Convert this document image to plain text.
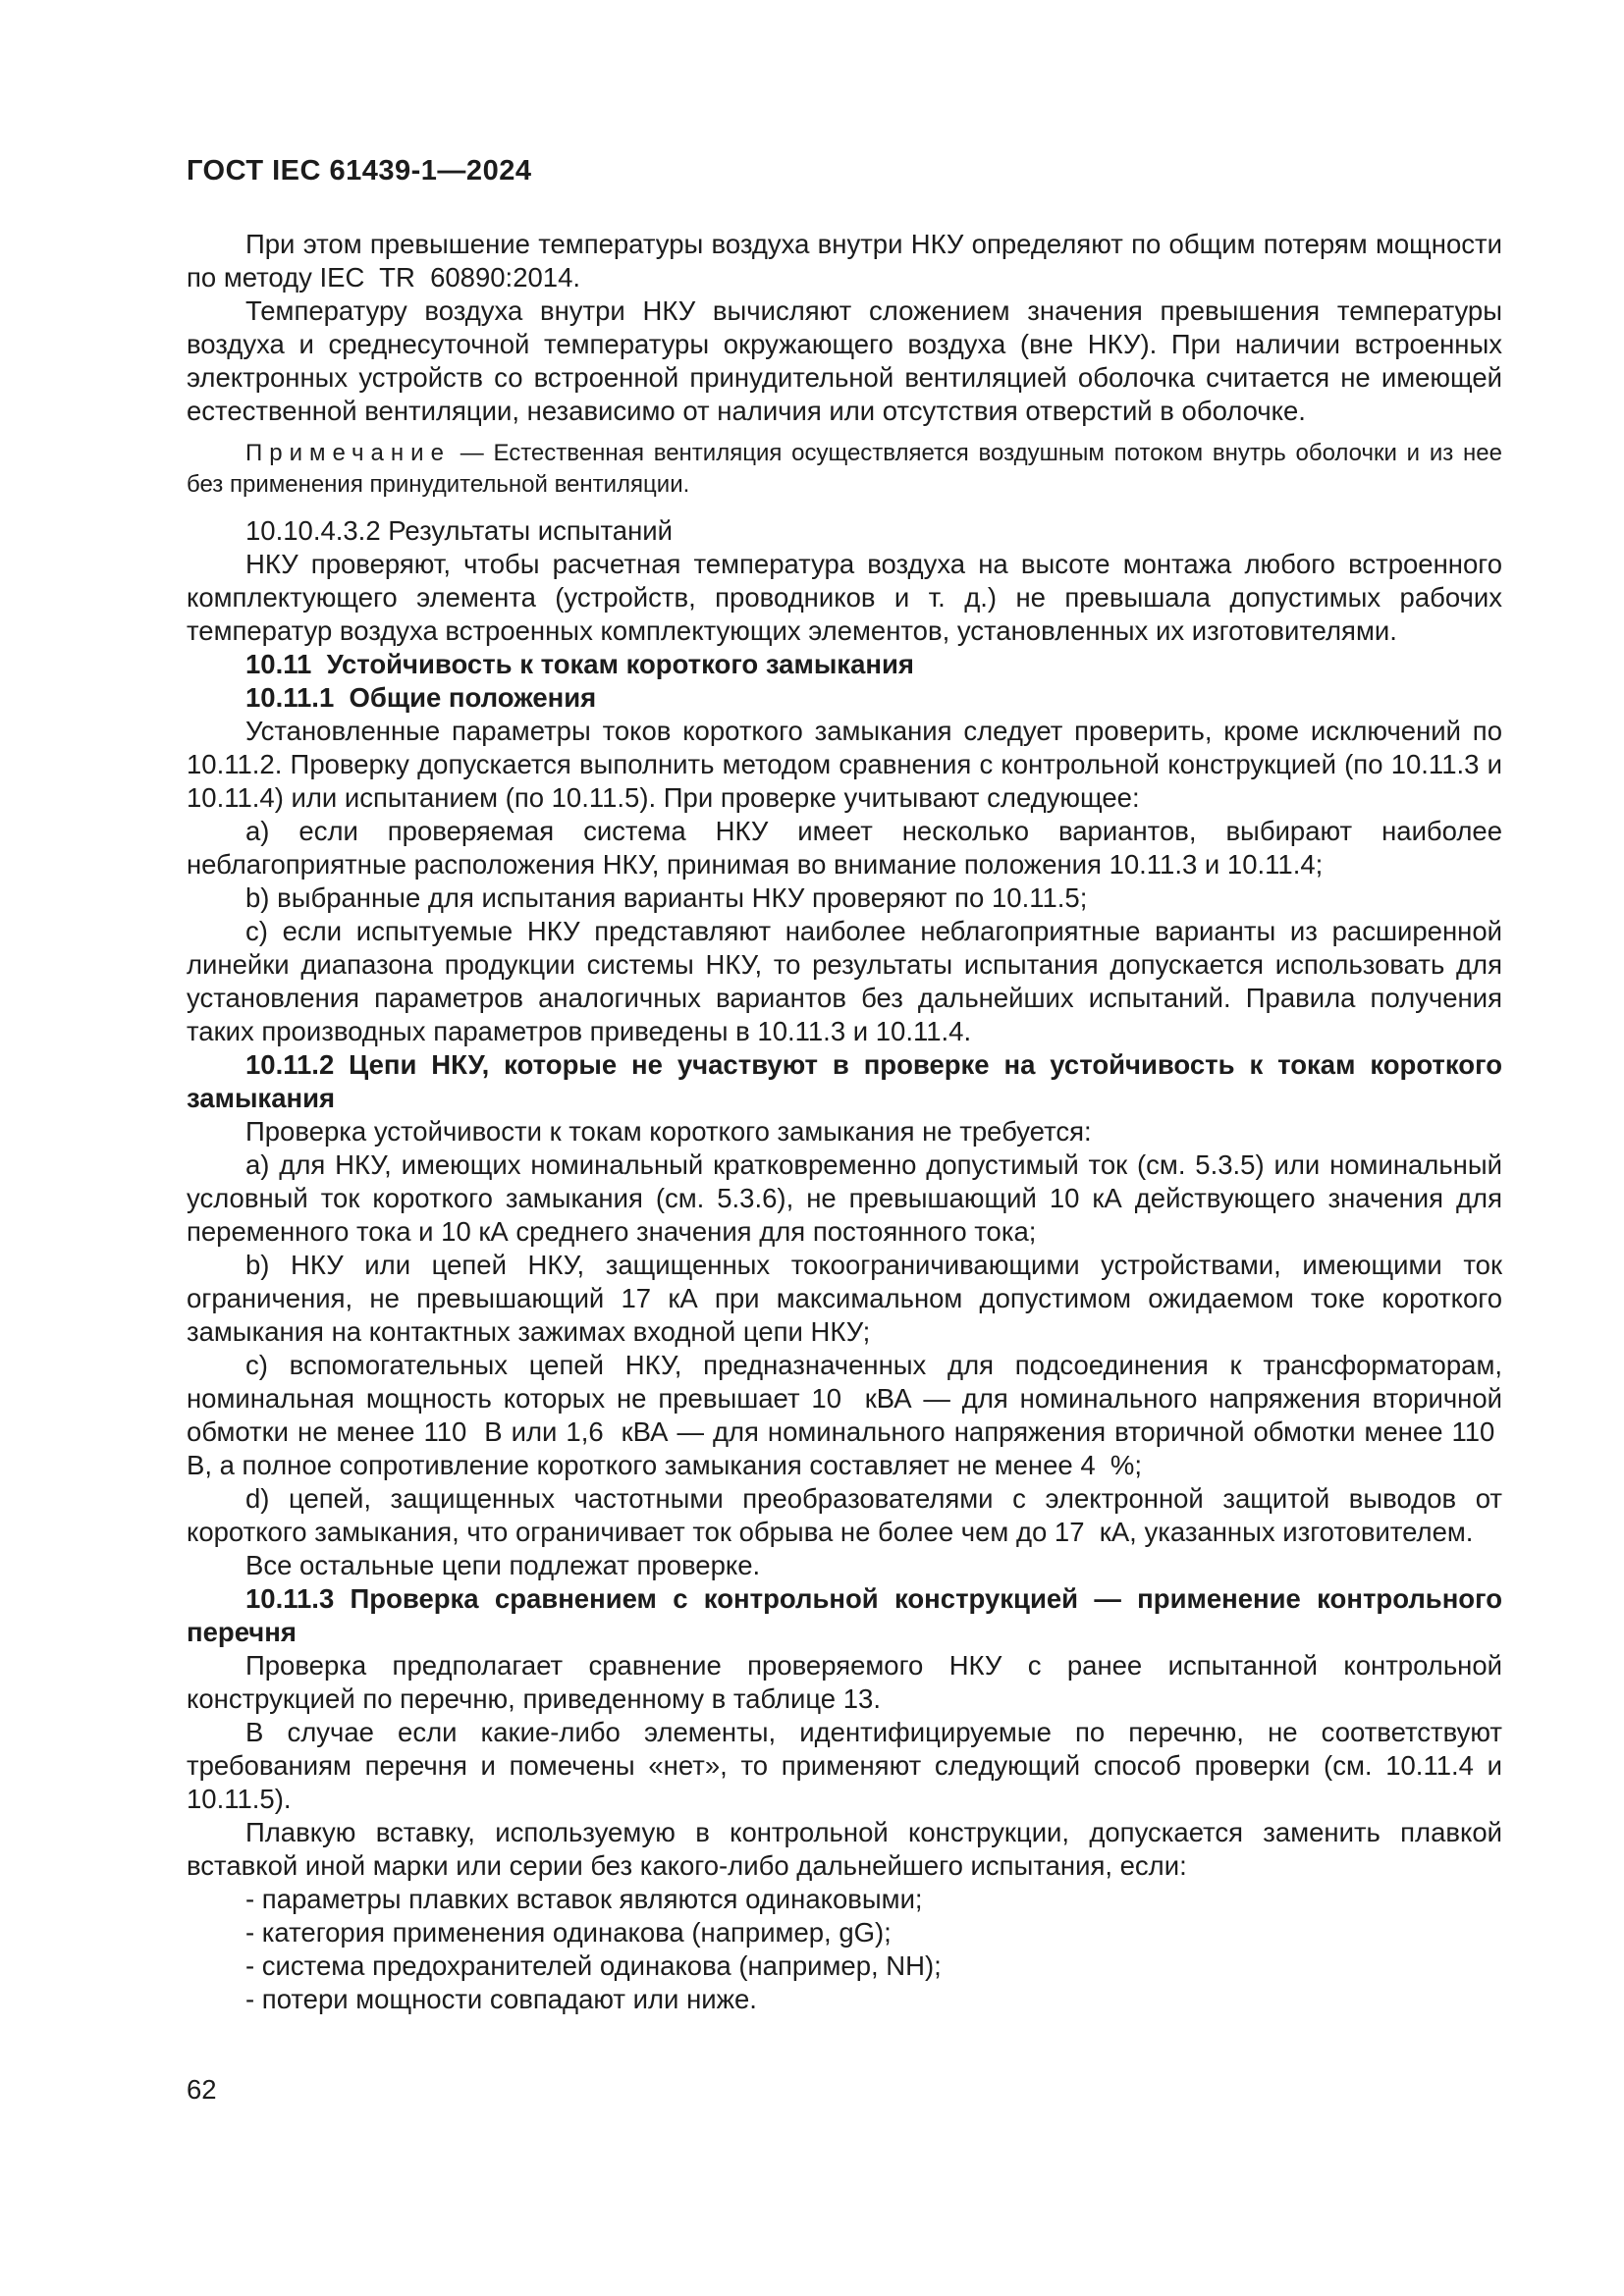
ГОСТ IEC 61439-1—2024

При этом превышение температуры воздуха внутри НКУ определяют по общим потерям мощности по методу IEC  TR  60890:2014.

Температуру воздуха внутри НКУ вычисляют сложением значения превышения температуры воздуха и среднесуточной температуры окружающего воздуха (вне НКУ). При наличии встроенных электронных устройств со встроенной принудительной вентиляцией оболочка считается не имеющей естественной вентиляции, независимо от наличия или отсутствия отверстий в оболочке.

Примечание — Естественная вентиляция осуществляется воздушным потоком внутрь оболочки и из нее без применения принудительной вентиляции.

10.10.4.3.2 Результаты испытаний

НКУ проверяют, чтобы расчетная температура воздуха на высоте монтажа любого встроенного комплектующего элемента (устройств, проводников и т. д.) не превышала допустимых рабочих температур воздуха встроенных комплектующих элементов, установленных их изготовителями.

10.11  Устойчивость к токам короткого замыкания

10.11.1  Общие положения

Установленные параметры токов короткого замыкания следует проверить, кроме исключений по 10.11.2. Проверку допускается выполнить методом сравнения с контрольной конструкцией (по 10.11.3 и 10.11.4) или испытанием (по 10.11.5). При проверке учитывают следующее:

a) если проверяемая система НКУ имеет несколько вариантов, выбирают наиболее неблагоприятные расположения НКУ, принимая во внимание положения 10.11.3 и 10.11.4;

b) выбранные для испытания варианты НКУ проверяют по 10.11.5;

c) если испытуемые НКУ представляют наиболее неблагоприятные варианты из расширенной линейки диапазона продукции системы НКУ, то результаты испытания допускается использовать для установления параметров аналогичных вариантов без дальнейших испытаний. Правила получения таких производных параметров приведены в 10.11.3 и 10.11.4.

10.11.2 Цепи НКУ, которые не участвуют в проверке на устойчивость к токам короткого замыкания

Проверка устойчивости к токам короткого замыкания не требуется:

a) для НКУ, имеющих номинальный кратковременно допустимый ток (см. 5.3.5) или номинальный условный ток короткого замыкания (см. 5.3.6), не превышающий 10 кА действующего значения для переменного тока и 10 кА среднего значения для постоянного тока;

b) НКУ или цепей НКУ, защищенных токоограничивающими устройствами, имеющими ток ограничения, не превышающий 17 кА при максимальном допустимом ожидаемом токе короткого замыкания на контактных зажимах входной цепи НКУ;

c) вспомогательных цепей НКУ, предназначенных для подсоединения к трансформаторам, номинальная мощность которых не превышает 10  кВА — для номинального напряжения вторичной обмотки не менее 110  В или 1,6  кВА — для номинального напряжения вторичной обмотки менее 110  В, а полное сопротивление короткого замыкания составляет не менее 4  %;

d) цепей, защищенных частотными преобразователями с электронной защитой выводов от короткого замыкания, что ограничивает ток обрыва не более чем до 17  кА, указанных изготовителем.

Все остальные цепи подлежат проверке.

10.11.3 Проверка сравнением с контрольной конструкцией — применение контрольного перечня

Проверка предполагает сравнение проверяемого НКУ с ранее испытанной контрольной конструкцией по перечню, приведенному в таблице 13.

В случае если какие-либо элементы, идентифицируемые по перечню, не соответствуют требованиям перечня и помечены «нет», то применяют следующий способ проверки (см. 10.11.4 и 10.11.5).

Плавкую вставку, используемую в контрольной конструкции, допускается заменить плавкой вставкой иной марки или серии без какого-либо дальнейшего испытания, если:

- параметры плавких вставок являются одинаковыми;

- категория применения одинакова (например, gG);

- система предохранителей одинакова (например, NH);

- потери мощности совпадают или ниже.

62
